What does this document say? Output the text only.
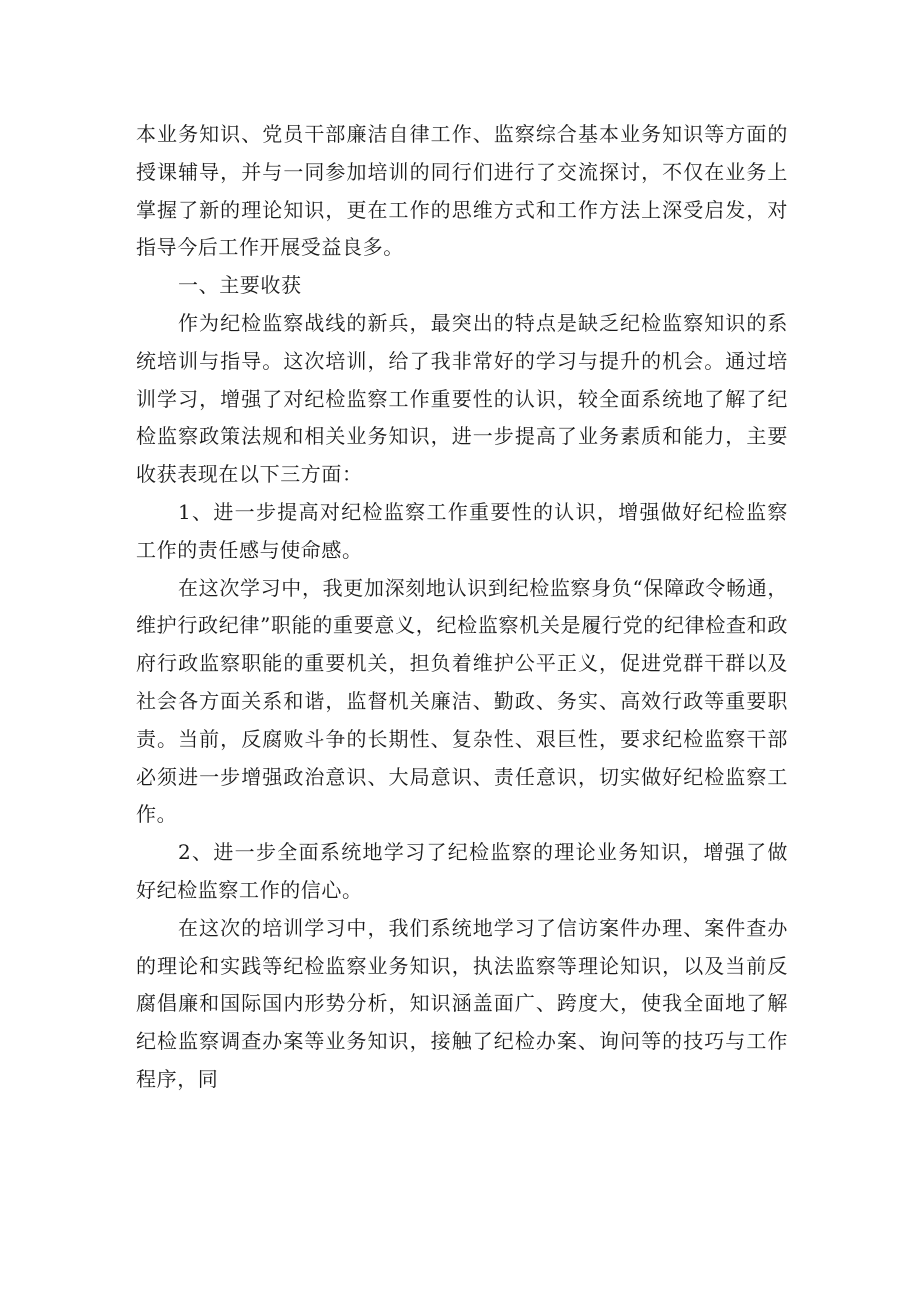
本业务知识、党员干部廉洁自律工作、监察综合基本业务知识等方面的授课辅导，并与一同参加培训的同行们进行了交流探讨，不仅在业务上掌握了新的理论知识，更在工作的思维方式和工作方法上深受启发，对指导今后工作开展受益良多。

一、主要收获

作为纪检监察战线的新兵，最突出的特点是缺乏纪检监察知识的系统培训与指导。这次培训，给了我非常好的学习与提升的机会。通过培训学习，增强了对纪检监察工作重要性的认识，较全面系统地了解了纪检监察政策法规和相关业务知识，进一步提高了业务素质和能力，主要收获表现在以下三方面：

1、进一步提高对纪检监察工作重要性的认识，增强做好纪检监察工作的责任感与使命感。

在这次学习中，我更加深刻地认识到纪检监察身负“保障政令畅通，维护行政纪律”职能的重要意义，纪检监察机关是履行党的纪律检查和政府行政监察职能的重要机关，担负着维护公平正义，促进党群干群以及社会各方面关系和谐，监督机关廉洁、勤政、务实、高效行政等重要职责。当前，反腐败斗争的长期性、复杂性、艰巨性，要求纪检监察干部必须进一步增强政治意识、大局意识、责任意识，切实做好纪检监察工作。

2、进一步全面系统地学习了纪检监察的理论业务知识，增强了做好纪检监察工作的信心。

在这次的培训学习中，我们系统地学习了信访案件办理、案件查办的理论和实践等纪检监察业务知识，执法监察等理论知识，以及当前反腐倡廉和国际国内形势分析，知识涵盖面广、跨度大，使我全面地了解纪检监察调查办案等业务知识，接触了纪检办案、询问等的技巧与工作程序，同
